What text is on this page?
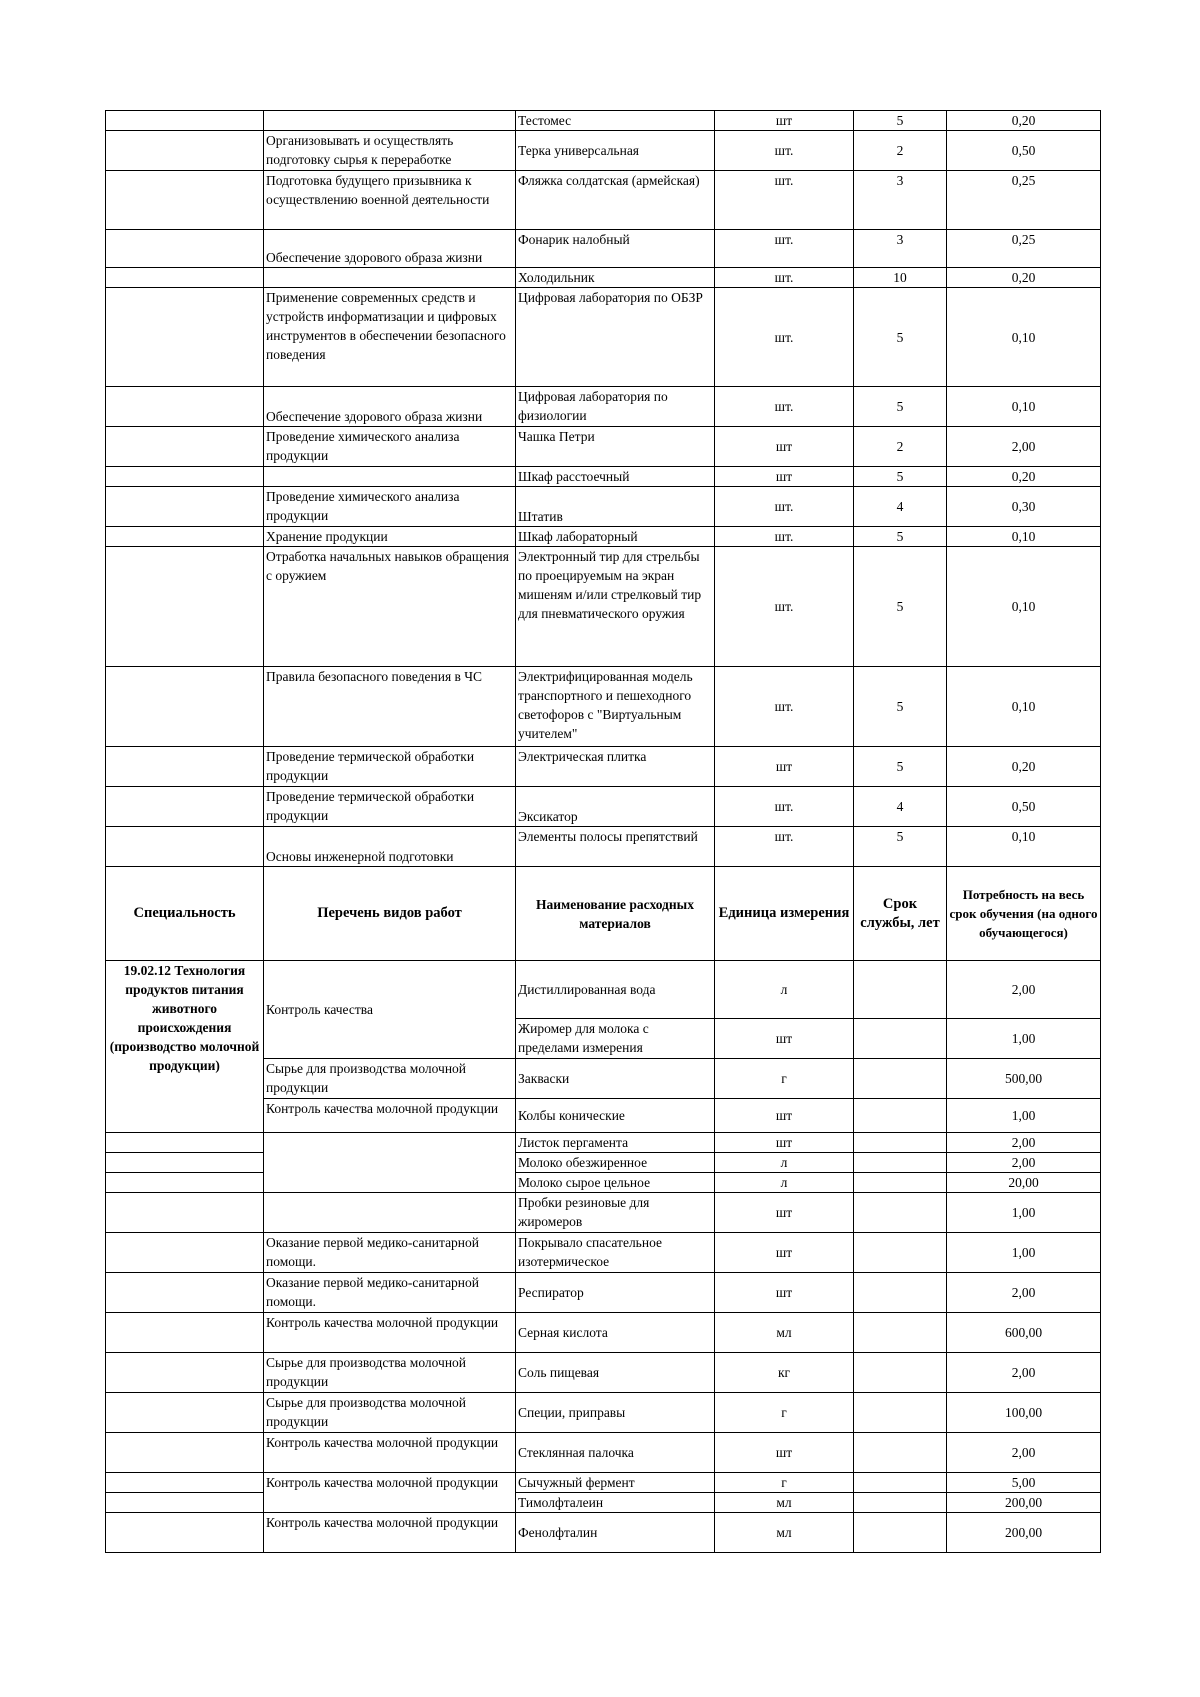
		Тестомес	шт	5	0,20
	Организовывать и осуществлять подготовку сырья к переработке	Терка универсальная	шт.	2	0,50
	Подготовка будущего призывника к осуществлению военной деятельности	Фляжка солдатская (армейская)	шт.	3	0,25
	Обеспечение здорового образа жизни	Фонарик налобный	шт.	3	0,25
		Холодильник	шт.	10	0,20
	Применение современных средств и устройств информатизации и цифровых инструментов в обеспечении безопасного поведения	Цифровая лаборатория по ОБЗР	шт.	5	0,10
	Обеспечение здорового образа жизни	Цифровая лаборатория по физиологии	шт.	5	0,10
	Проведение химического анализа продукции	Чашка Петри	шт	2	2,00
		Шкаф расстоечный	шт	5	0,20
	Проведение химического анализа продукции	Штатив	шт.	4	0,30
	Хранение продукции	Шкаф лабораторный	шт.	5	0,10
	Отработка начальных навыков обращения с оружием	Электронный тир для стрельбы по проецируемым на экран мишеням и/или стрелковый тир для пневматического оружия	шт.	5	0,10
	Правила безопасного поведения в ЧС	Электрифицированная модель транспортного и пешеходного светофоров с "Виртуальным учителем"	шт.	5	0,10
	Проведение термической обработки продукции	Электрическая плитка	шт	5	0,20
	Проведение термической обработки продукции	Эксикатор	шт.	4	0,50
	Основы инженерной подготовки	Элементы полосы препятствий	шт.	5	0,10
Специальность	Перечень видов работ	Наименование расходных материалов	Единица измерения	Срок службы, лет	Потребность на весь срок обучения (на одного обучающегося)
19.02.12 Технология продуктов питания животного происхождения (производство молочной продукции)	Контроль качества	Дистиллированная вода	л		2,00
		Жиромер для молока с пределами измерения	шт		1,00
	Сырье для производства молочной продукции	Закваски	г		500,00
	Контроль качества молочной продукции	Колбы конические	шт		1,00
		Листок пергамента	шт		2,00
		Молоко обезжиренное	л		2,00
		Молоко сырое цельное	л		20,00
		Пробки резиновые для жиромеров	шт		1,00
	Оказание первой медико-санитарной помощи.	Покрывало спасательное изотермическое	шт		1,00
	Оказание первой медико-санитарной помощи.	Респиратор	шт		2,00
	Контроль качества молочной продукции	Серная кислота	мл		600,00
	Сырье для производства молочной продукции	Соль пищевая	кг		2,00
	Сырье для производства молочной продукции	Специи, приправы	г		100,00
	Контроль качества молочной продукции	Стеклянная палочка	шт		2,00
	Контроль качества молочной продукции	Сычужный фермент	г		5,00
		Тимолфталеин	мл		200,00
	Контроль качества молочной продукции	Фенолфталин	мл		200,00
